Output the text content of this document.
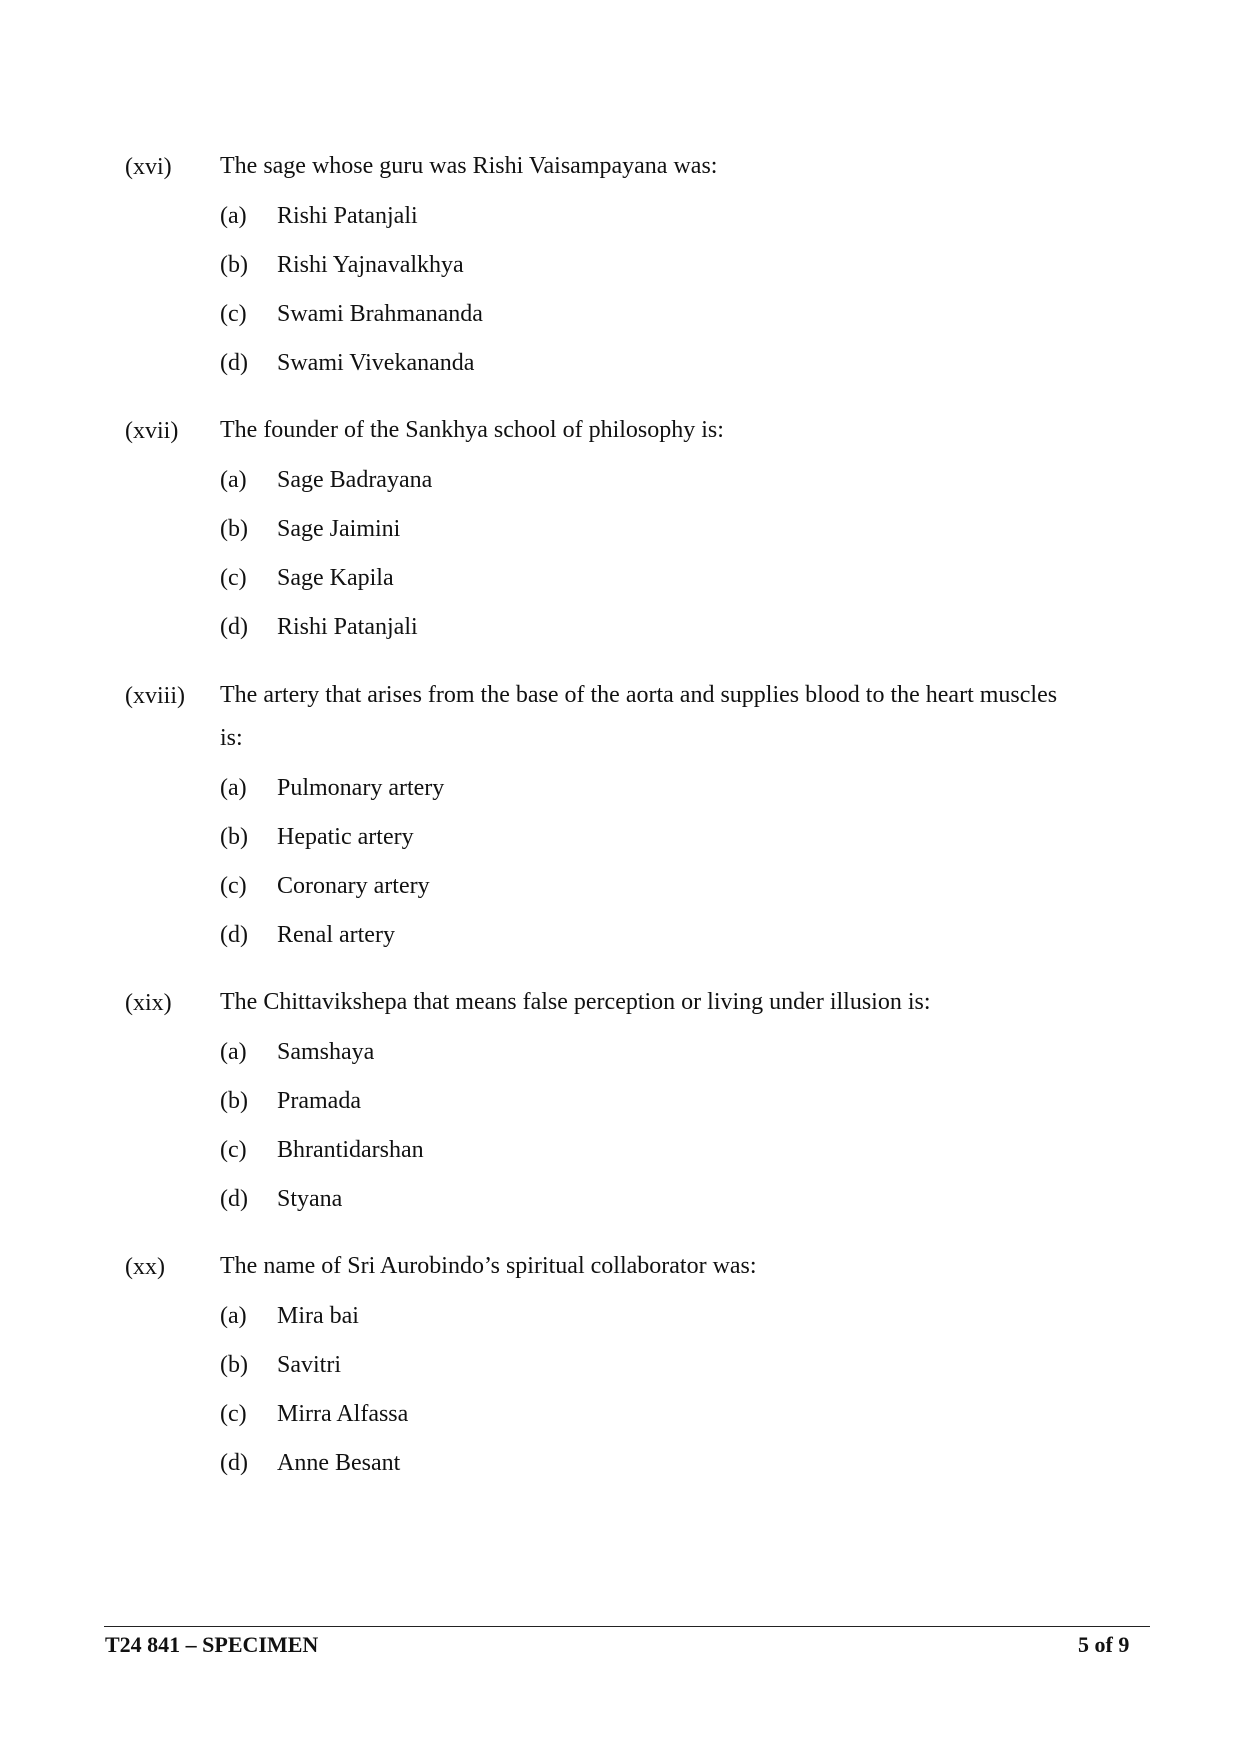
(xvi)	The sage whose guru was Rishi Vaisampayana was:
(a)	Rishi Patanjali
(b)	Rishi Yajnavalkhya
(c)	Swami Brahmananda
(d)	Swami Vivekananda
(xvii)	The founder of the Sankhya school of philosophy is:
(a)	Sage Badrayana
(b)	Sage Jaimini
(c)	Sage Kapila
(d)	Rishi Patanjali
(xviii)	The artery that arises from the base of the aorta and supplies blood to the heart muscles is:
(a)	Pulmonary artery
(b)	Hepatic artery
(c)	Coronary artery
(d)	Renal artery
(xix)	The Chittavikshepa that means false perception or living under illusion is:
(a)	Samshaya
(b)	Pramada
(c)	Bhrantidarshan
(d)	Styana
(xx)	The name of Sri Aurobindo’s spiritual collaborator was:
(a)	Mira bai
(b)	Savitri
(c)	Mirra Alfassa
(d)	Anne Besant
T24 841 – SPECIMEN	5 of 9
